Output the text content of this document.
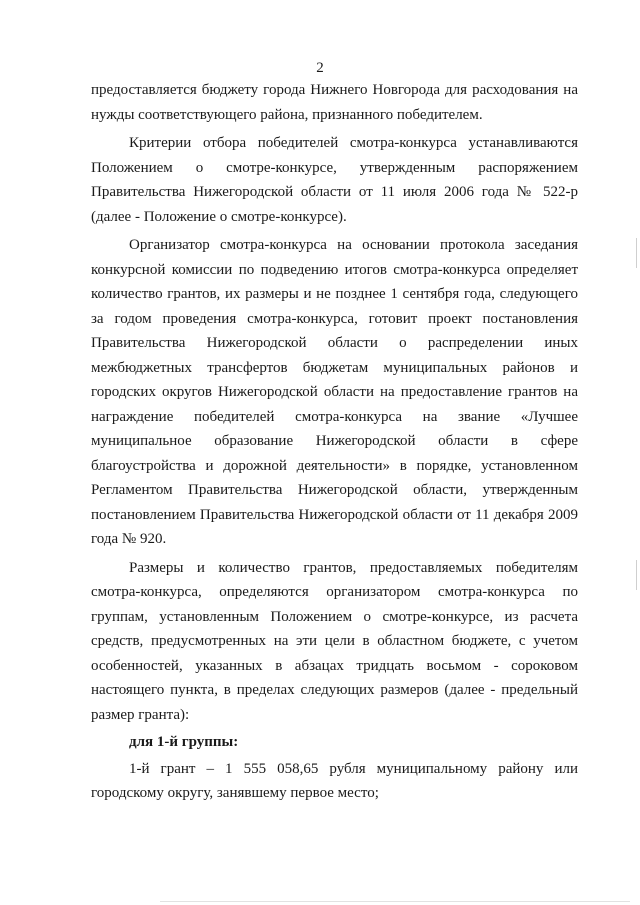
2

предоставляется бюджету города Нижнего Новгорода для расходования на нужды соответствующего района, признанного победителем.

Критерии отбора победителей смотра-конкурса устанавливаются Положением о смотре-конкурсе, утвержденным распоряжением Правительства Нижегородской области от 11 июля 2006 года № 522-р (далее - Положение о смотре-конкурсе).

Организатор смотра-конкурса на основании протокола заседания конкурсной комиссии по подведению итогов смотра-конкурса определяет количество грантов, их размеры и не позднее 1 сентября года, следующего за годом проведения смотра-конкурса, готовит проект постановления Правительства Нижегородской области о распределении иных межбюджетных трансфертов бюджетам муниципальных районов и городских округов Нижегородской области на предоставление грантов на награждение победителей смотра-конкурса на звание «Лучшее муниципальное образование Нижегородской области в сфере благоустройства и дорожной деятельности» в порядке, установленном Регламентом Правительства Нижегородской области, утвержденным постановлением Правительства Нижегородской области от 11 декабря 2009 года № 920.

Размеры и количество грантов, предоставляемых победителям смотра-конкурса, определяются организатором смотра-конкурса по группам, установленным Положением о смотре-конкурсе, из расчета средств, предусмотренных на эти цели в областном бюджете, с учетом особенностей, указанных в абзацах тридцать восьмом - сороковом настоящего пункта, в пределах следующих размеров (далее - предельный размер гранта):

для 1-й группы:

1-й грант – 1 555 058,65 рубля муниципальному району или городскому округу, занявшему первое место;
